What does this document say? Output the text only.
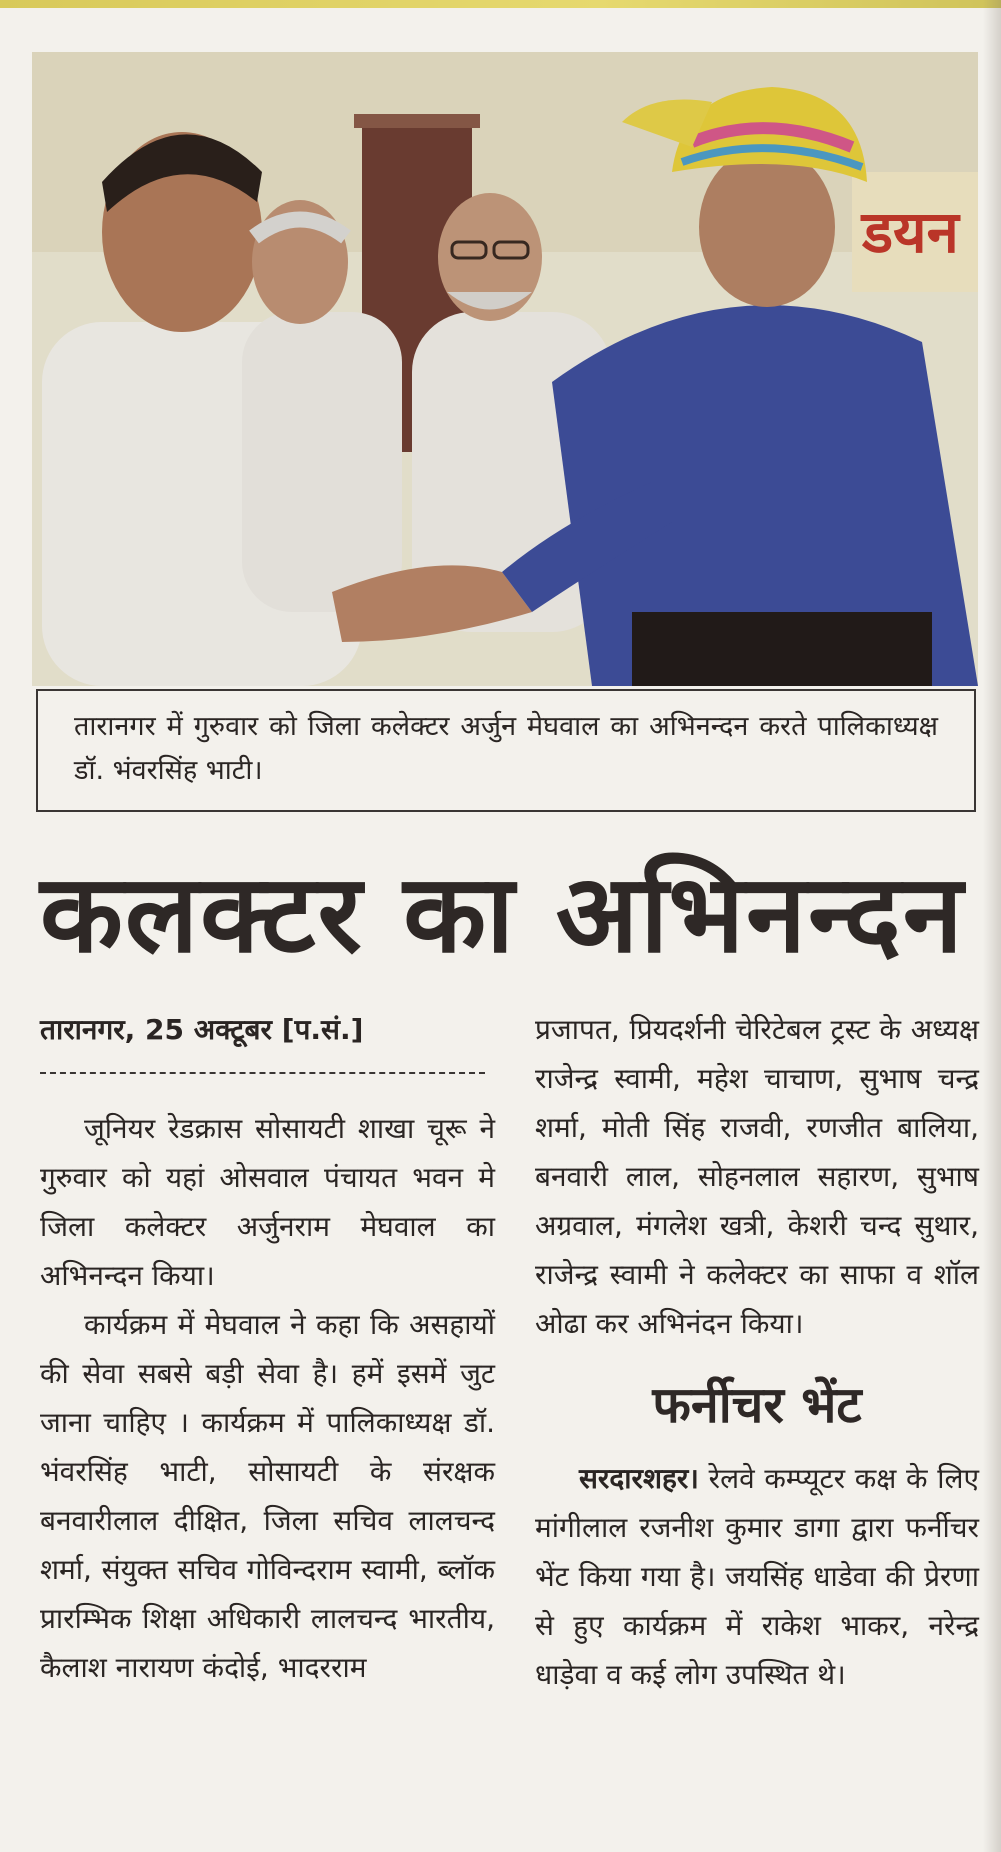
डयन
तारानगर में गुरुवार को जिला कलेक्टर अर्जुन मेघवाल का अभिनन्दन करते पालिकाध्यक्ष डॉ. भंवरसिंह भाटी।
कलक्टर का अभिनन्दन
तारानगर, 25 अक्टूबर [प.सं.]

जूनियर रेडक्रास सोसायटी शाखा चूरू ने गुरुवार को यहां ओसवाल पंचायत भवन मे जिला कलेक्टर अर्जुनराम मेघवाल का अभिनन्दन किया।

कार्यक्रम में मेघवाल ने कहा कि असहायों की सेवा सबसे बड़ी सेवा है। हमें इसमें जुट जाना चाहिए । कार्यक्रम में पालिकाध्यक्ष डॉ. भंवरसिंह भाटी, सोसायटी के संरक्षक बनवारीलाल दीक्षित, जिला सचिव लालचन्द शर्मा, संयुक्त सचिव गोविन्दराम स्वामी, ब्लॉक प्रारम्भिक शिक्षा अधिकारी लालचन्द भारतीय, कैलाश नारायण कंदोई, भादरराम

प्रजापत, प्रियदर्शनी चेरिटेबल ट्रस्ट के अध्यक्ष राजेन्द्र स्वामी, महेश चाचाण, सुभाष चन्द्र शर्मा, मोती सिंह राजवी, रणजीत बालिया, बनवारी लाल, सोहनलाल सहारण, सुभाष अग्रवाल, मंगलेश खत्री, केशरी चन्द सुथार, राजेन्द्र स्वामी ने कलेक्टर का साफा व शॉल ओढा कर अभिनंदन किया।

फर्नीचर भेंट

सरदारशहर। रेलवे कम्प्यूटर कक्ष के लिए मांगीलाल रजनीश कुमार डागा द्वारा फर्नीचर भेंट किया गया है। जयसिंह धाडेवा की प्रेरणा से हुए कार्यक्रम में राकेश भाकर, नरेन्द्र धाड़ेवा व कई लोग उपस्थित थे।
